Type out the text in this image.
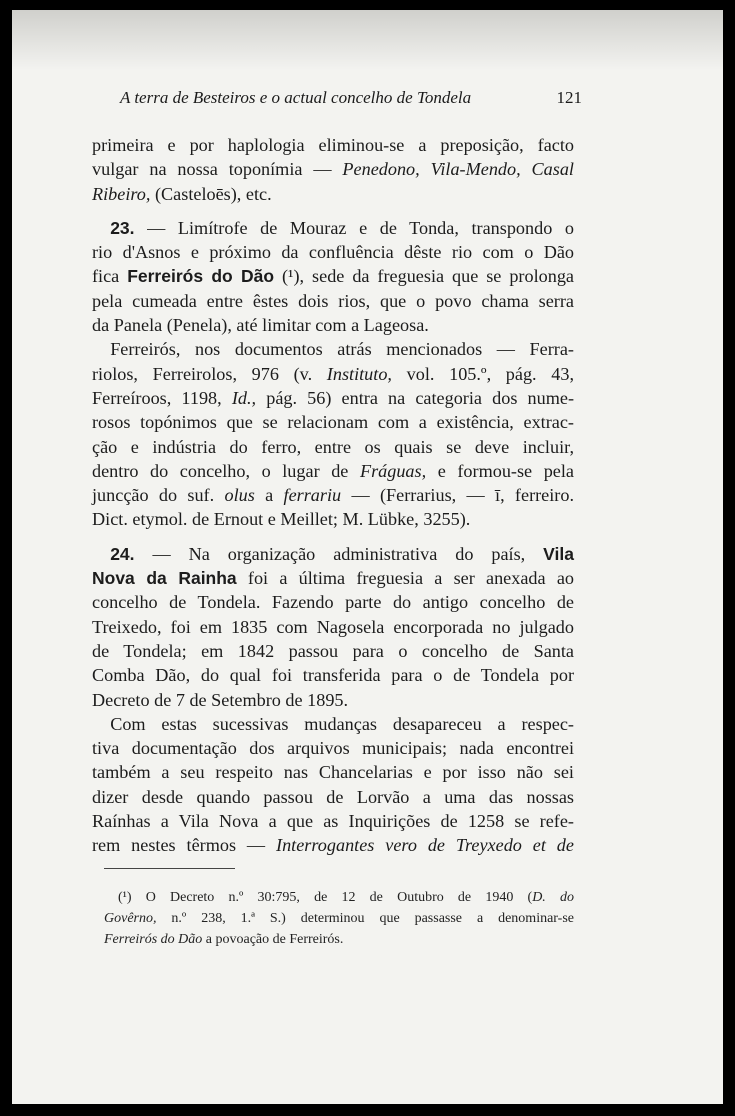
A terra de Besteiros e o actual concelho de Tondela	121
primeira e por haplologia eliminou-se a preposição, facto
vulgar na nossa toponímia — Penedono, Vila-Mendo, Casal
Ribeiro, (Casteloēs), etc.
 23. — Limítrofe de Mouraz e de Tonda, transpondo o
rio d'Asnos e próximo da confluência dêste rio com o Dão
fica Ferreirós do Dão (¹), sede da freguesia que se prolonga
pela cumeada entre êstes dois rios, que o povo chama serra
da Panela (Penela), até limitar com a Lageosa.
 Ferreirós, nos documentos atrás mencionados — Ferra-
riolos, Ferreirolos, 976 (v. Instituto, vol. 105.º, pág. 43,
Ferreíroos, 1198, Id., pág. 56) entra na categoria dos nume-
rosos topónimos que se relacionam com a existência, extrac-
ção e indústria do ferro, entre os quais se deve incluir,
dentro do concelho, o lugar de Fráguas, e formou-se pela
juncção do suf. olus a ferrariu — (Ferrarius, — ī, ferreiro.
Dict. etymol. de Ernout e Meillet; M. Lübke, 3255).
 24. — Na organização administrativa do país, Vila
Nova da Rainha foi a última freguesia a ser anexada ao
concelho de Tondela. Fazendo parte do antigo concelho de
Treixedo, foi em 1835 com Nagosela encorporada no julgado
de Tondela; em 1842 passou para o concelho de Santa
Comba Dão, do qual foi transferida para o de Tondela por
Decreto de 7 de Setembro de 1895.
 Com estas sucessivas mudanças desapareceu a respec-
tiva documentação dos arquivos municipais; nada encontrei
também a seu respeito nas Chancelarias e por isso não sei
dizer desde quando passou de Lorvão a uma das nossas
Raínhas a Vila Nova a que as Inquirições de 1258 se refe-
rem nestes têrmos — Interrogantes vero de Treyxedo et de
 (¹) O Decreto n.º 30:795, de 12 de Outubro de 1940 (D. do
Govêrno, n.º 238, 1.ª S.) determinou que passasse a denominar-se
Ferreirós do Dão a povoação de Ferreirós.
